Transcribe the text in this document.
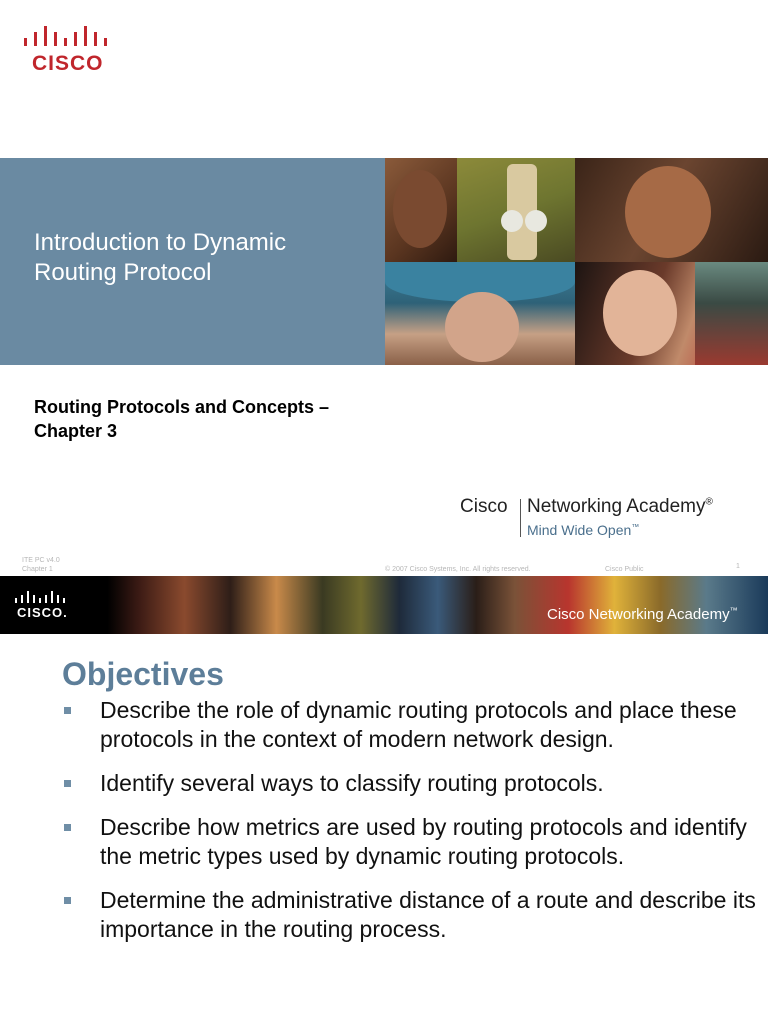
CISCO
Introduction to Dynamic Routing Protocol
Routing Protocols and Concepts – Chapter 3
Cisco Networking Academy®
Mind Wide Open™
ITE PC v4.0
Chapter 1	© 2007 Cisco Systems, Inc. All rights reserved.	Cisco Public	1
CISCO.	Cisco Networking Academy™
Objectives
Describe the role of dynamic routing protocols and place these protocols in the context of modern network design.
Identify several ways to classify routing protocols.
Describe how metrics are used by routing protocols and identify the metric types used by dynamic routing protocols.
Determine the administrative distance of a route and describe its importance in the routing process.
